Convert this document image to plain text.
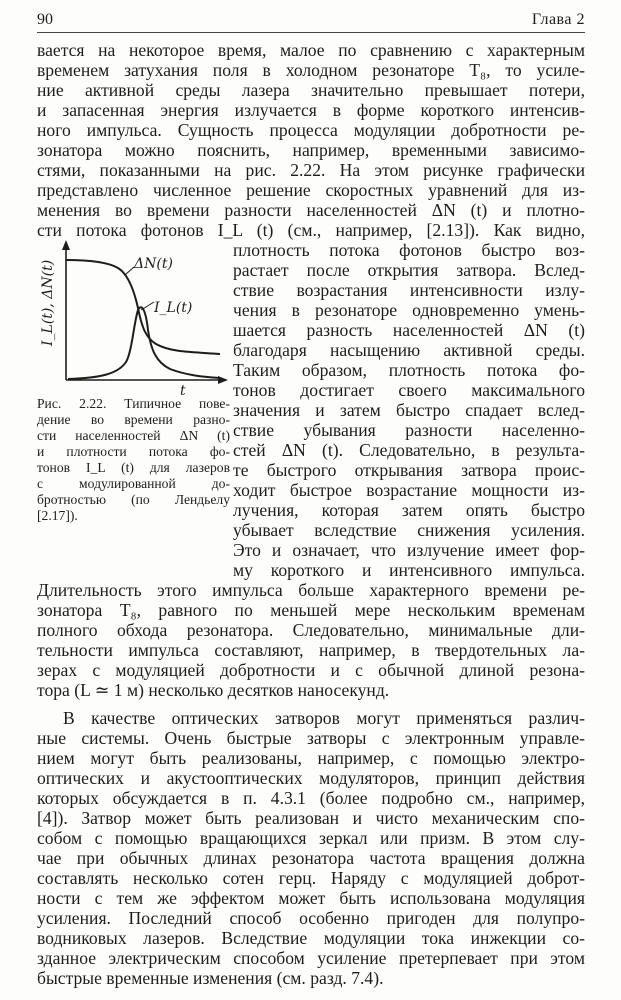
90	Глава 2
вается на некоторое время, малое по сравнению с характерным
временем затухания поля в холодном резонаторе T₈, то усиле-
ние активной среды лазера значительно превышает потери,
и запасенная энергия излучается в форме короткого интенсив-
ного импульса. Сущность процесса модуляции добротности ре-
зонатора можно пояснить, например, временными зависимо-
стями, показанными на рис. 2.22. На этом рисунке графически
представлено численное решение скоростных уравнений для из-
менения во времени разности населенностей ΔN (t) и плотно-
сти потока фотонов I_L (t) (см., например, [2.13]). Как видно,
ΔN(t)
I_L(t)
t
I_L(t), ΔN(t)
Рис. 2.22. Типичное пове-
дение во времени разно-
сти населенностей ΔN (t)
и плотности потока фо-
тонов I_L (t) для лазеров
с модулированной до-
бротностью (по Лендьелу
[2.17]).
плотность потока фотонов быстро воз-
растает после открытия затвора. Вслед-
ствие возрастания интенсивности излу-
чения в резонаторе одновременно умень-
шается разность населенностей ΔN (t)
благодаря насыщению активной среды.
Таким образом, плотность потока фо-
тонов достигает своего максимального
значения и затем быстро спадает вслед-
ствие убывания разности населенно-
стей ΔN (t). Следовательно, в результа-
те быстрого открывания затвора проис-
ходит быстрое возрастание мощности из-
лучения, которая затем опять быстро
убывает вследствие снижения усиления.
Это и означает, что излучение имеет фор-
му короткого и интенсивного импульса.
Длительность этого импульса больше характерного времени ре-
зонатора T₈, равного по меньшей мере нескольким временам
полного обхода резонатора. Следовательно, минимальные дли-
тельности импульса составляют, например, в твердотельных ла-
зерах с модуляцией добротности и с обычной длиной резона-
тора (L ≃ 1 м) несколько десятков наносекунд.
В качестве оптических затворов могут применяться различ-
ные системы. Очень быстрые затворы с электронным управле-
нием могут быть реализованы, например, с помощью электро-
оптических и акустооптических модуляторов, принцип действия
которых обсуждается в п. 4.3.1 (более подробно см., например,
[4]). Затвор может быть реализован и чисто механическим спо-
собом с помощью вращающихся зеркал или призм. В этом слу-
чае при обычных длинах резонатора частота вращения должна
составлять несколько сотен герц. Наряду с модуляцией доброт-
ности с тем же эффектом может быть использована модуляция
усиления. Последний способ особенно пригоден для полупро-
водниковых лазеров. Вследствие модуляции тока инжекции со-
зданное электрическим способом усиление претерпевает при этом
быстрые временные изменения (см. разд. 7.4).
